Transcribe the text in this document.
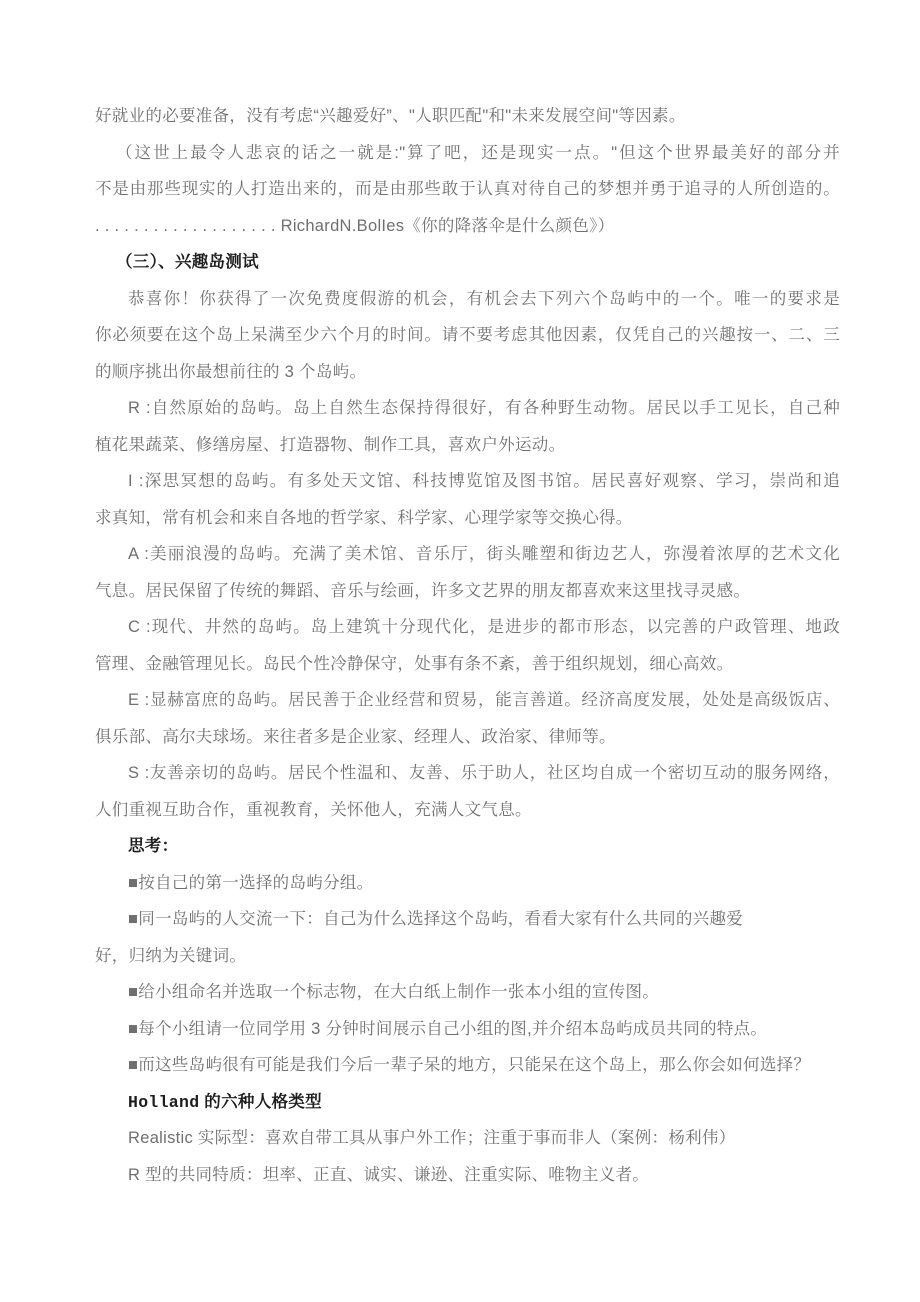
好就业的必要准备，没有考虑“兴趣爱好”、"人职匹配"和"未来发展空间"等因素。
（这世上最令人悲哀的话之一就是:"算了吧，还是现实一点。"但这个世界最美好的部分并
不是由那些现实的人打造出来的，而是由那些敢于认真对待自己的梦想并勇于追寻的人所创造的。
. . . . . . . . . . . . . . . . . . . RichardN.BolIes《你的降落伞是什么颜色》）
（三）、兴趣岛测试
恭喜你！你获得了一次免费度假游的机会，有机会去下列六个岛屿中的一个。唯一的要求是
你必须要在这个岛上呆满至少六个月的时间。请不要考虑其他因素，仅凭自己的兴趣按一、二、三
的顺序挑出你最想前往的 3 个岛屿。
R :自然原始的岛屿。岛上自然生态保持得很好，有各种野生动物。居民以手工见长，自己种
植花果蔬菜、修缮房屋、打造器物、制作工具，喜欢户外运动。
I :深思冥想的岛屿。有多处天文馆、科技博览馆及图书馆。居民喜好观察、学习，崇尚和追
求真知，常有机会和来自各地的哲学家、科学家、心理学家等交换心得。
A :美丽浪漫的岛屿。充满了美术馆、音乐厅，街头雕塑和街边艺人，弥漫着浓厚的艺术文化
气息。居民保留了传统的舞蹈、音乐与绘画，许多文艺界的朋友都喜欢来这里找寻灵感。
C :现代、井然的岛屿。岛上建筑十分现代化，是进步的都市形态，以完善的户政管理、地政
管理、金融管理见长。岛民个性冷静保守，处事有条不紊，善于组织规划，细心高效。
E :显赫富庶的岛屿。居民善于企业经营和贸易，能言善道。经济高度发展，处处是高级饭店、
俱乐部、高尔夫球场。来往者多是企业家、经理人、政治家、律师等。
S :友善亲切的岛屿。居民个性温和、友善、乐于助人，社区均自成一个密切互动的服务网络，
人们重视互助合作，重视教育，关怀他人，充满人文气息。
思考：
■按自己的第一选择的岛屿分组。
■同一岛屿的人交流一下：自己为什么选择这个岛屿，看看大家有什么共同的兴趣爱
好，归纳为关键词。
■给小组命名并选取一个标志物，在大白纸上制作一张本小组的宣传图。
■每个小组请一位同学用 3 分钟时间展示自己小组的图,并介绍本岛屿成员共同的特点。
■而这些岛屿很有可能是我们今后一辈子呆的地方，只能呆在这个岛上，那么你会如何选择？
Holland 的六种人格类型
Realistic 实际型：喜欢自带工具从事户外工作；注重于事而非人（案例：杨利伟）
R 型的共同特质：坦率、正直、诚实、谦逊、注重实际、唯物主义者。
